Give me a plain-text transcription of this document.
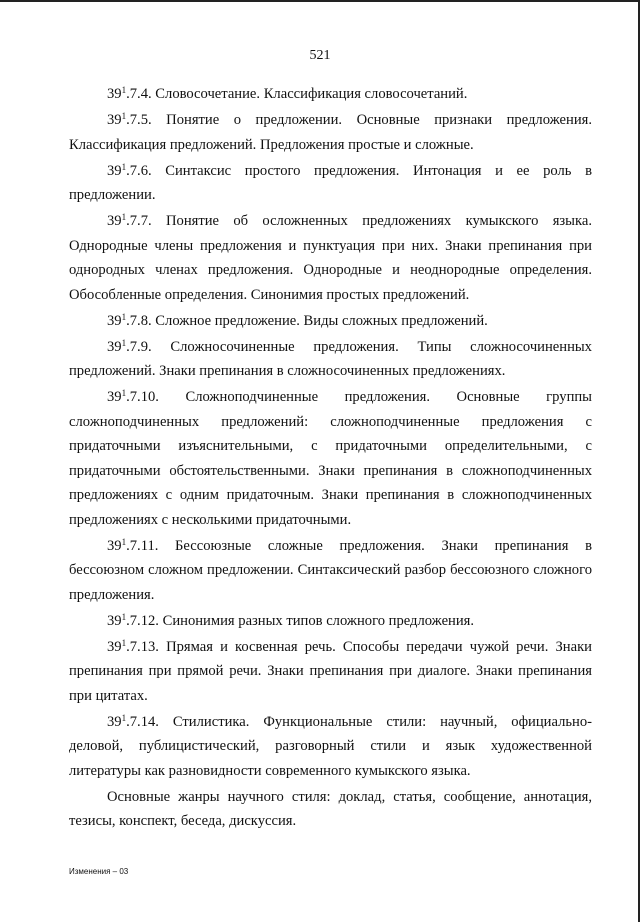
521

$39^1.7.4$. Словосочетание. Классификация словосочетаний.

$39^1.7.5$. Понятие о предложении. Основные признаки предложения. Классификация предложений. Предложения простые и сложные.

$39^1.7.6$. Синтаксис простого предложения. Интонация и ее роль в предложении.

$39^1.7.7$. Понятие об осложненных предложениях кумыкского языка. Однородные члены предложения и пунктуация при них. Знаки препинания при однородных членах предложения. Однородные и неоднородные определения. Обособленные определения. Синонимия простых предложений.

$39^1.7.8$. Сложное предложение. Виды сложных предложений.

$39^1.7.9$. Сложносочиненные предложения. Типы сложносочиненных предложений. Знаки препинания в сложносочиненных предложениях.

$39^1.7.10$. Сложноподчиненные предложения. Основные группы сложноподчиненных предложений: сложноподчиненные предложения с придаточными изъяснительными, с придаточными определительными, с придаточными обстоятельственными. Знаки препинания в сложноподчиненных предложениях с одним придаточным. Знаки препинания в сложноподчиненных предложениях с несколькими придаточными.

$39^1.7.11$. Бессоюзные сложные предложения. Знаки препинания в бессоюзном сложном предложении. Синтаксический разбор бессоюзного сложного предложения.

$39^1.7.12$. Синонимия разных типов сложного предложения.

$39^1.7.13$. Прямая и косвенная речь. Способы передачи чужой речи. Знаки препинания при прямой речи. Знаки препинания при диалоге. Знаки препинания при цитатах.

$39^1.7.14$. Стилистика. Функциональные стили: научный, официально-деловой, публицистический, разговорный стили и язык художественной литературы как разновидности современного кумыкского языка.

Основные жанры научного стиля: доклад, статья, сообщение, аннотация, тезисы, конспект, беседа, дискуссия.

Изменения – 03
